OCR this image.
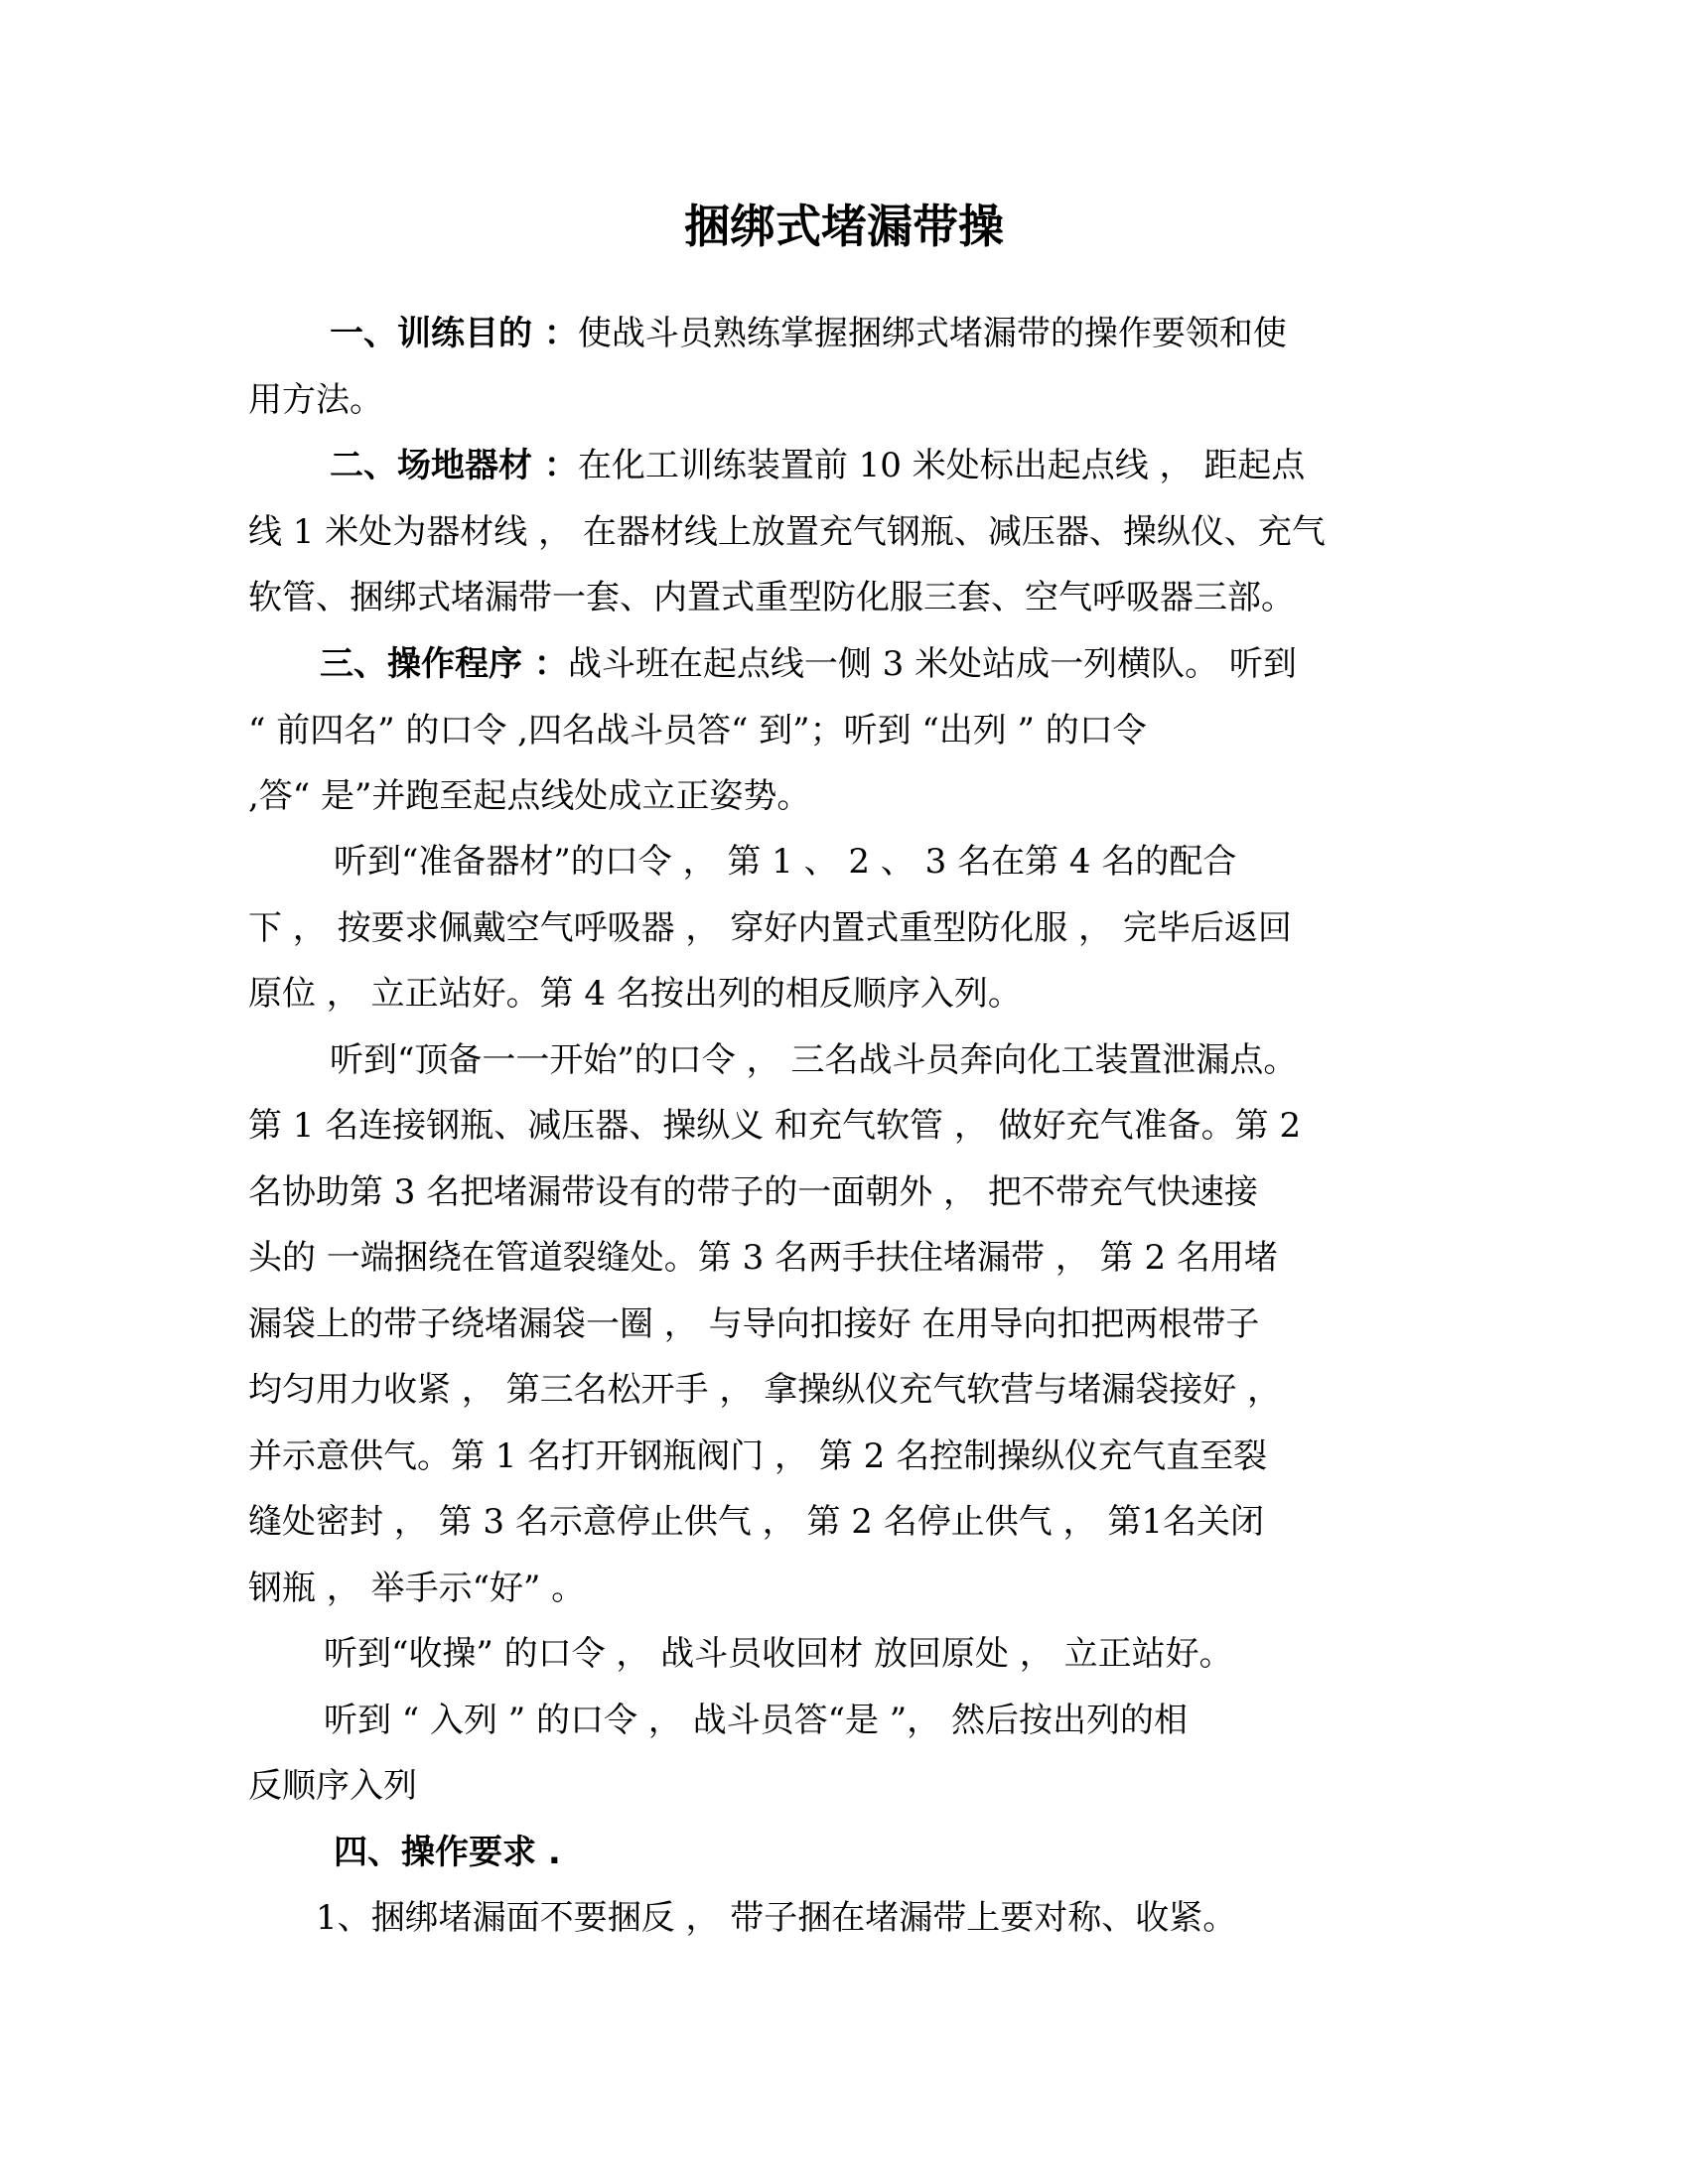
捆绑式堵漏带操

一、训练目的 ：使战斗员熟练掌握捆绑式堵漏带的操作要领和使

用方法。

二、场地器材 ：在化工训练装置前 10 米处标出起点线 ， 距起点

线 1 米处为器材线 ， 在器材线上放置充气钢瓶、减压器、操纵仪、充气

软管、捆绑式堵漏带一套、内置式重型防化服三套、空气呼吸器三部。

三、操作程序 ：战斗班在起点线一侧 3 米处站成一列横队。 听到

“ 前四名” 的口令 ,四名战斗员答“ 到”；听到 “出列 ” 的口令

,答“ 是”并跑至起点线处成立正姿势。

听到“准备器材”的口令 ， 第 1 、 2 、 3 名在第 4 名的配合

下 ， 按要求佩戴空气呼吸器 ， 穿好内置式重型防化服 ， 完毕后返回

原位 ， 立正站好。第 4 名按出列的相反顺序入列。

听到“顶备一一开始”的口令 ， 三名战斗员奔向化工装置泄漏点。

第 1 名连接钢瓶、减压器、操纵义 和充气软管 ， 做好充气准备。第 2

名协助第 3 名把堵漏带设有的带子的一面朝外 ， 把不带充气快速接

头的 一端捆绕在管道裂缝处。第 3 名两手扶住堵漏带 ， 第 2 名用堵

漏袋上的带子绕堵漏袋一圈 ， 与导向扣接好 在用导向扣把两根带子

均匀用力收紧 ， 第三名松开手 ， 拿操纵仪充气软营与堵漏袋接好 ，

并示意供气。第 1 名打开钢瓶阀门 ， 第 2 名控制操纵仪充气直至裂

缝处密封 ， 第 3 名示意停止供气 ， 第 2 名停止供气 ， 第1名关闭

钢瓶 ， 举手示“好” 。

听到“收操” 的口令 ， 战斗员收回材 放回原处 ， 立正站好。

听到 “ 入列 ” 的口令 ， 战斗员答“是 ”， 然后按出列的相

反顺序入列

四、操作要求 .

1、捆绑堵漏面不要捆反 ， 带子捆在堵漏带上要对称、收紧。
